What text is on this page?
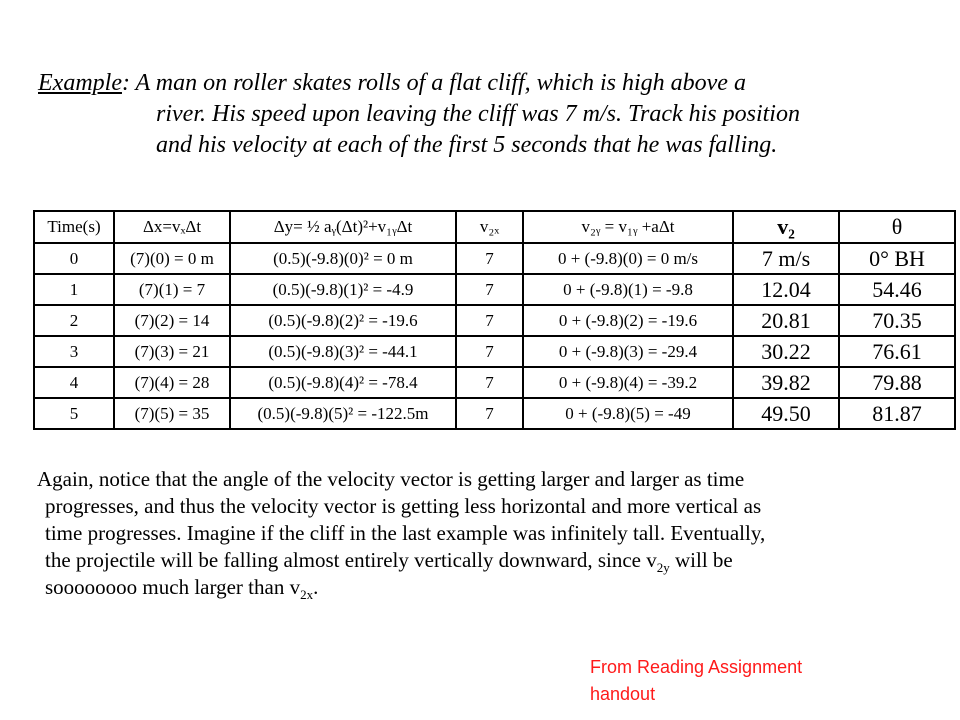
Example: A man on roller skates rolls of a flat cliff, which is high above a
river. His speed upon leaving the cliff was 7 m/s. Track his position
and his velocity at each of the first 5 seconds that he was falling.
Time(s)	Δx=vₓΔt	Δy= ½ aᵧ(Δt)²+v₁ᵧΔt	v₂ₓ	v₂ᵧ = v₁ᵧ +aΔt	v₂	θ
0	(7)(0) = 0 m	(0.5)(-9.8)(0)² = 0 m	7	0 + (-9.8)(0) = 0 m/s	7 m/s	0° BH
1	(7)(1) = 7	(0.5)(-9.8)(1)² = -4.9	7	0 + (-9.8)(1) = -9.8	12.04	54.46
2	(7)(2) = 14	(0.5)(-9.8)(2)² = -19.6	7	0 + (-9.8)(2) = -19.6	20.81	70.35
3	(7)(3) = 21	(0.5)(-9.8)(3)² = -44.1	7	0 + (-9.8)(3) = -29.4	30.22	76.61
4	(7)(4) = 28	(0.5)(-9.8)(4)² = -78.4	7	0 + (-9.8)(4) = -39.2	39.82	79.88
5	(7)(5) = 35	(0.5)(-9.8)(5)² = -122.5m	7	0 + (-9.8)(5) = -49	49.50	81.87
Again, notice that the angle of the velocity vector is getting larger and larger as time
progresses, and thus the velocity vector is getting less horizontal and more vertical as
time progresses. Imagine if the cliff in the last example was infinitely tall. Eventually,
the projectile will be falling almost entirely vertically downward, since $v_{2y}$ will be
soooooooo much larger than $v_{2x}$.
From Reading Assignment
handout
